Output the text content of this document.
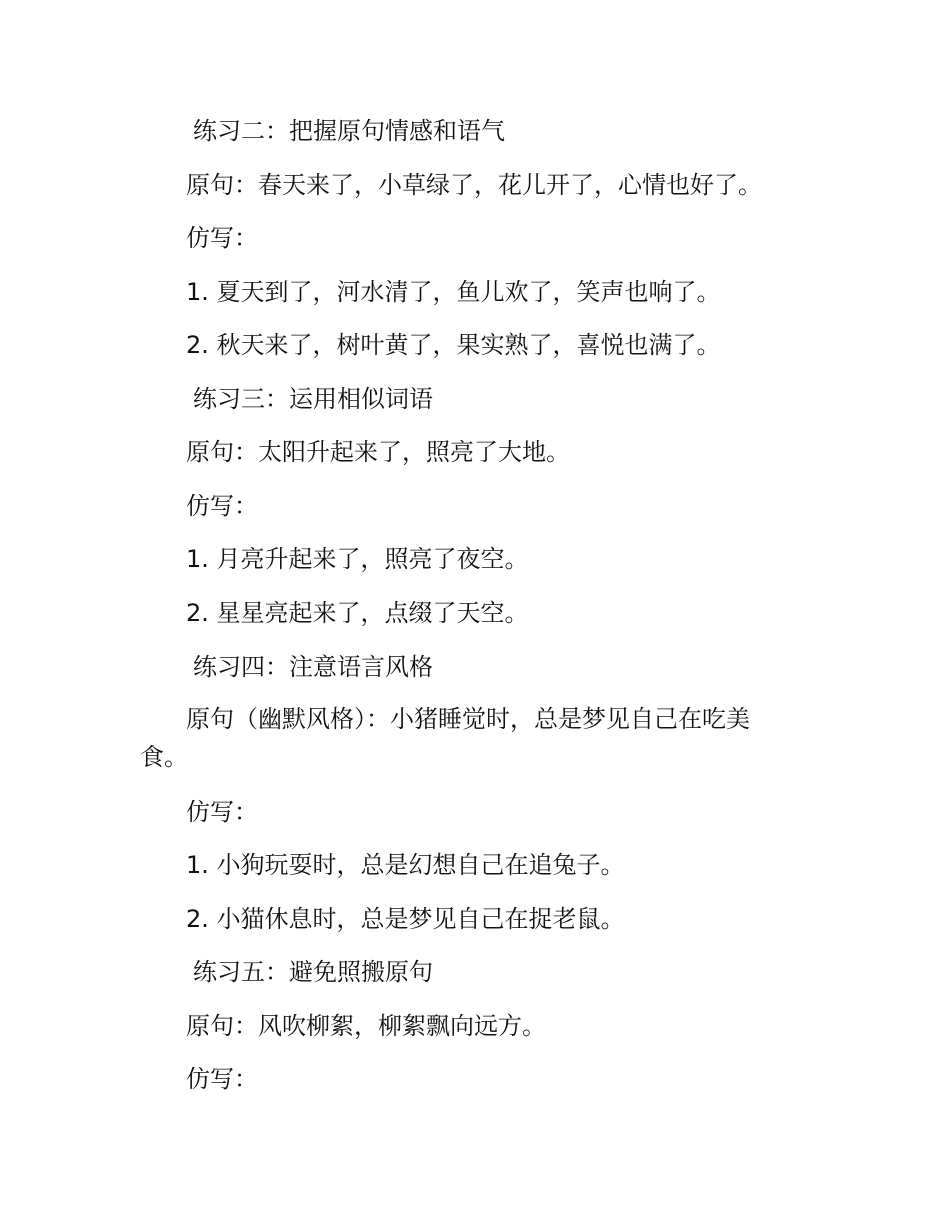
练习二：把握原句情感和语气
原句：春天来了，小草绿了，花儿开了，心情也好了。
仿写：
1. 夏天到了，河水清了，鱼儿欢了，笑声也响了。
2. 秋天来了，树叶黄了，果实熟了，喜悦也满了。
练习三：运用相似词语
原句：太阳升起来了，照亮了大地。
仿写：
1. 月亮升起来了，照亮了夜空。
2. 星星亮起来了，点缀了天空。
练习四：注意语言风格
原句（幽默风格）：小猪睡觉时，总是梦见自己在吃美食。
仿写：
1. 小狗玩耍时，总是幻想自己在追兔子。
2. 小猫休息时，总是梦见自己在捉老鼠。
练习五：避免照搬原句
原句：风吹柳絮，柳絮飘向远方。
仿写：
